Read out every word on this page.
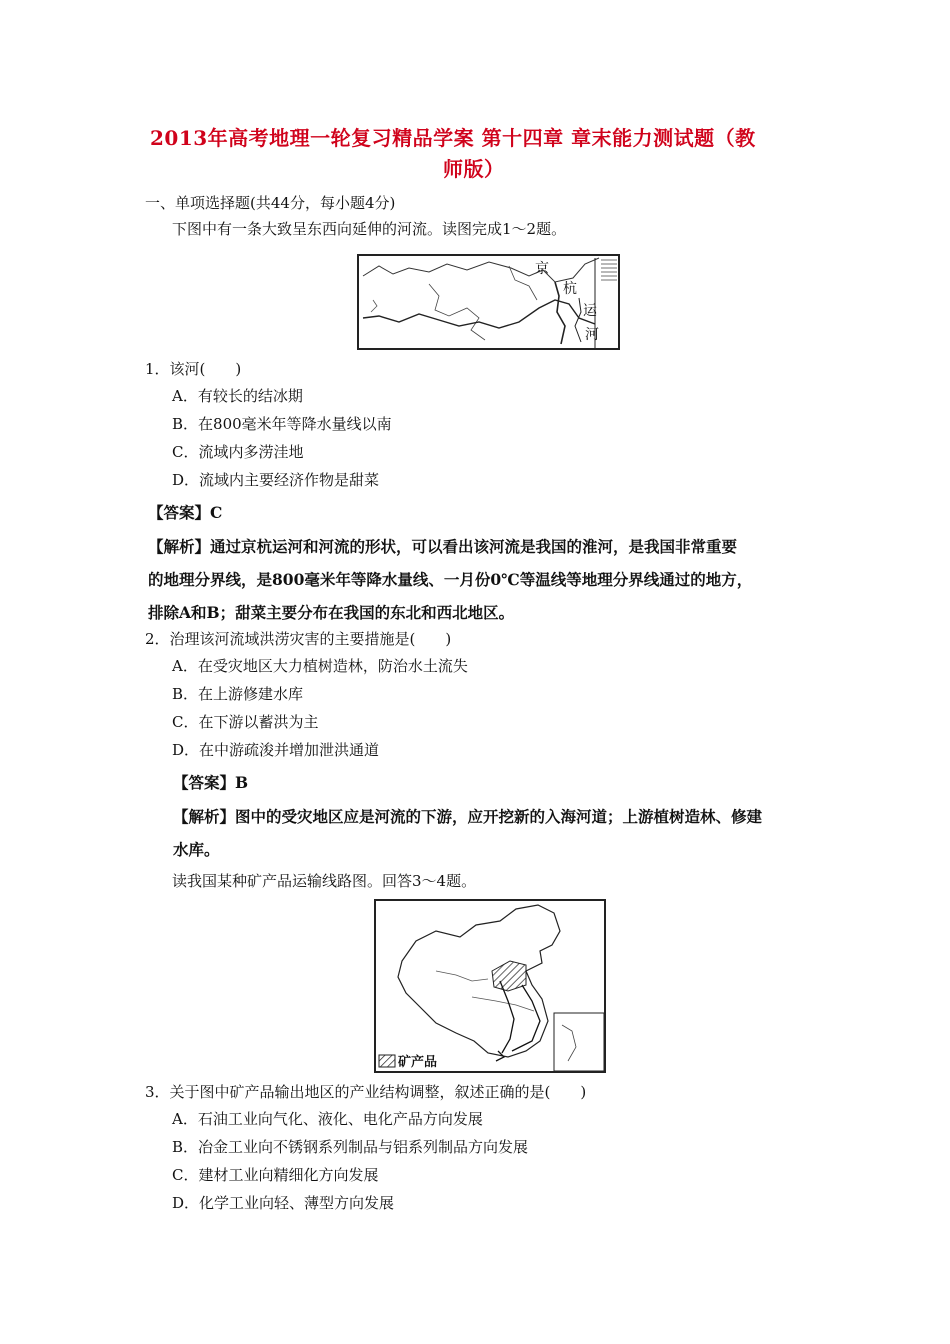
2013年高考地理一轮复习精品学案 第十四章 章末能力测试题（教
师版）
一、单项选择题(共44分，每小题4分)
下图中有一条大致呈东西向延伸的河流。读图完成1～2题。
京
杭
运
河
1．该河(　　)
A．有较长的结冰期
B．在800毫米年等降水量线以南
C．流域内多涝洼地
D．流域内主要经济作物是甜菜
【答案】C
【解析】通过京杭运河和河流的形状，可以看出该河流是我国的淮河，是我国非常重要
的地理分界线，是800毫米年等降水量线、一月份0℃等温线等地理分界线通过的地方，
排除A和B；甜菜主要分布在我国的东北和西北地区。
2．治理该河流域洪涝灾害的主要措施是(　　)
A．在受灾地区大力植树造林，防治水土流失
B．在上游修建水库
C．在下游以蓄洪为主
D．在中游疏浚并增加泄洪通道
【答案】B
【解析】图中的受灾地区应是河流的下游，应开挖新的入海河道；上游植树造林、修建
水库。
读我国某种矿产品运输线路图。回答3～4题。
矿产品
3．关于图中矿产品输出地区的产业结构调整，叙述正确的是(　　)
A．石油工业向气化、液化、电化产品方向发展
B．冶金工业向不锈钢系列制品与铝系列制品方向发展
C．建材工业向精细化方向发展
D．化学工业向轻、薄型方向发展
